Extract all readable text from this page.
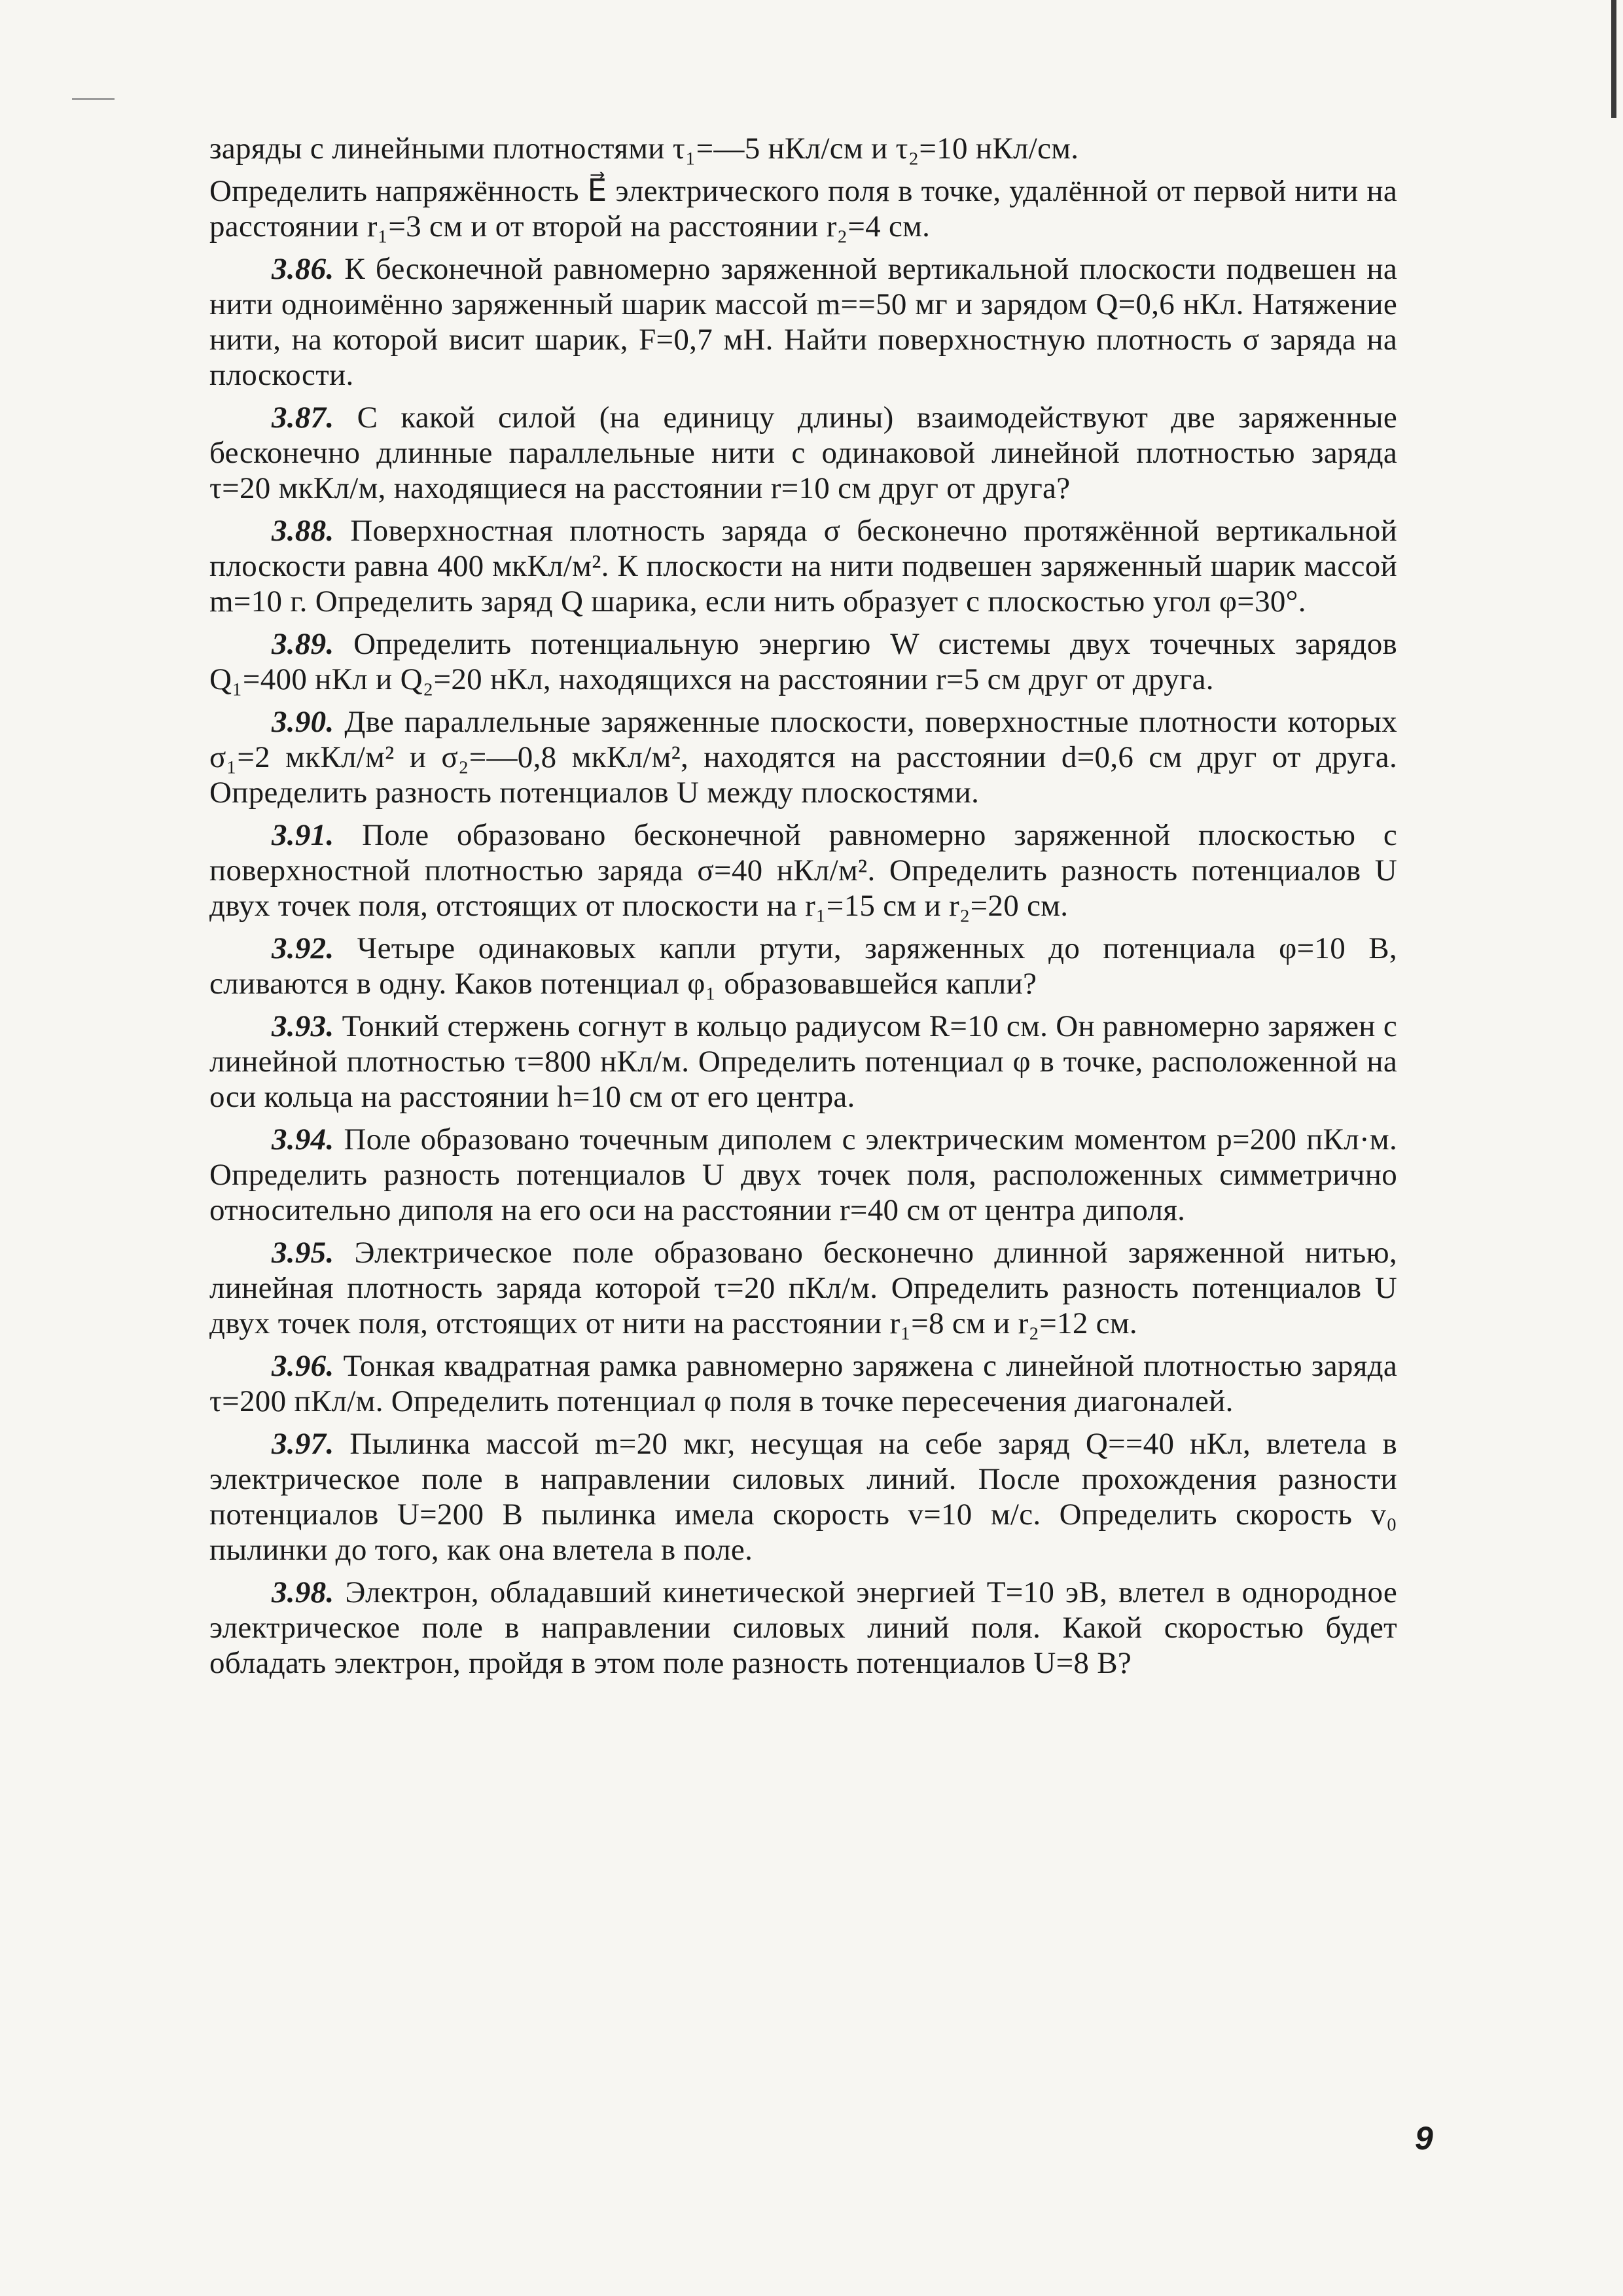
заряды с линейными плотностями τ₁=—5 нКл/см и τ₂=10 нКл/см.

Определить напряжённость E⃗ электрического поля в точке, удалённой от первой нити на расстоянии r₁=3 см и от второй на расстоянии r₂=4 см.

3.86. К бесконечной равномерно заряженной вертикальной плоскости подвешен на нити одноимённо заряженный шарик массой m==50 мг и зарядом Q=0,6 нКл. Натяжение нити, на которой висит шарик, F=0,7 мН. Найти поверхностную плотность σ заряда на плоскости.

3.87. С какой силой (на единицу длины) взаимодействуют две заряженные бесконечно длинные параллельные нити с одинаковой линейной плотностью заряда τ=20 мкКл/м, находящиеся на расстоянии r=10 см друг от друга?

3.88. Поверхностная плотность заряда σ бесконечно протяжённой вертикальной плоскости равна 400 мкКл/м². К плоскости на нити подвешен заряженный шарик массой m=10 г. Определить заряд Q шарика, если нить образует с плоскостью угол φ=30°.

3.89. Определить потенциальную энергию W системы двух точечных зарядов Q₁=400 нКл и Q₂=20 нКл, находящихся на расстоянии r=5 см друг от друга.

3.90. Две параллельные заряженные плоскости, поверхностные плотности которых σ₁=2 мкКл/м² и σ₂=—0,8 мкКл/м², находятся на расстоянии d=0,6 см друг от друга. Определить разность потенциалов U между плоскостями.

3.91. Поле образовано бесконечной равномерно заряженной плоскостью с поверхностной плотностью заряда σ=40 нКл/м². Определить разность потенциалов U двух точек поля, отстоящих от плоскости на r₁=15 см и r₂=20 см.

3.92. Четыре одинаковых капли ртути, заряженных до потенциала φ=10 В, сливаются в одну. Каков потенциал φ₁ образовавшейся капли?

3.93. Тонкий стержень согнут в кольцо радиусом R=10 см. Он равномерно заряжен с линейной плотностью τ=800 нКл/м. Определить потенциал φ в точке, расположенной на оси кольца на расстоянии h=10 см от его центра.

3.94. Поле образовано точечным диполем с электрическим моментом p=200 пКл·м. Определить разность потенциалов U двух точек поля, расположенных симметрично относительно диполя на его оси на расстоянии r=40 см от центра диполя.

3.95. Электрическое поле образовано бесконечно длинной заряженной нитью, линейная плотность заряда которой τ=20 пКл/м. Определить разность потенциалов U двух точек поля, отстоящих от нити на расстоянии r₁=8 см и r₂=12 см.

3.96. Тонкая квадратная рамка равномерно заряжена с линейной плотностью заряда τ=200 пКл/м. Определить потенциал φ поля в точке пересечения диагоналей.

3.97. Пылинка массой m=20 мкг, несущая на себе заряд Q==40 нКл, влетела в электрическое поле в направлении силовых линий. После прохождения разности потенциалов U=200 В пылинка имела скорость v=10 м/с. Определить скорость v₀ пылинки до того, как она влетела в поле.

3.98. Электрон, обладавший кинетической энергией T=10 эВ, влетел в однородное электрическое поле в направлении силовых линий поля. Какой скоростью будет обладать электрон, пройдя в этом поле разность потенциалов U=8 В?

9
